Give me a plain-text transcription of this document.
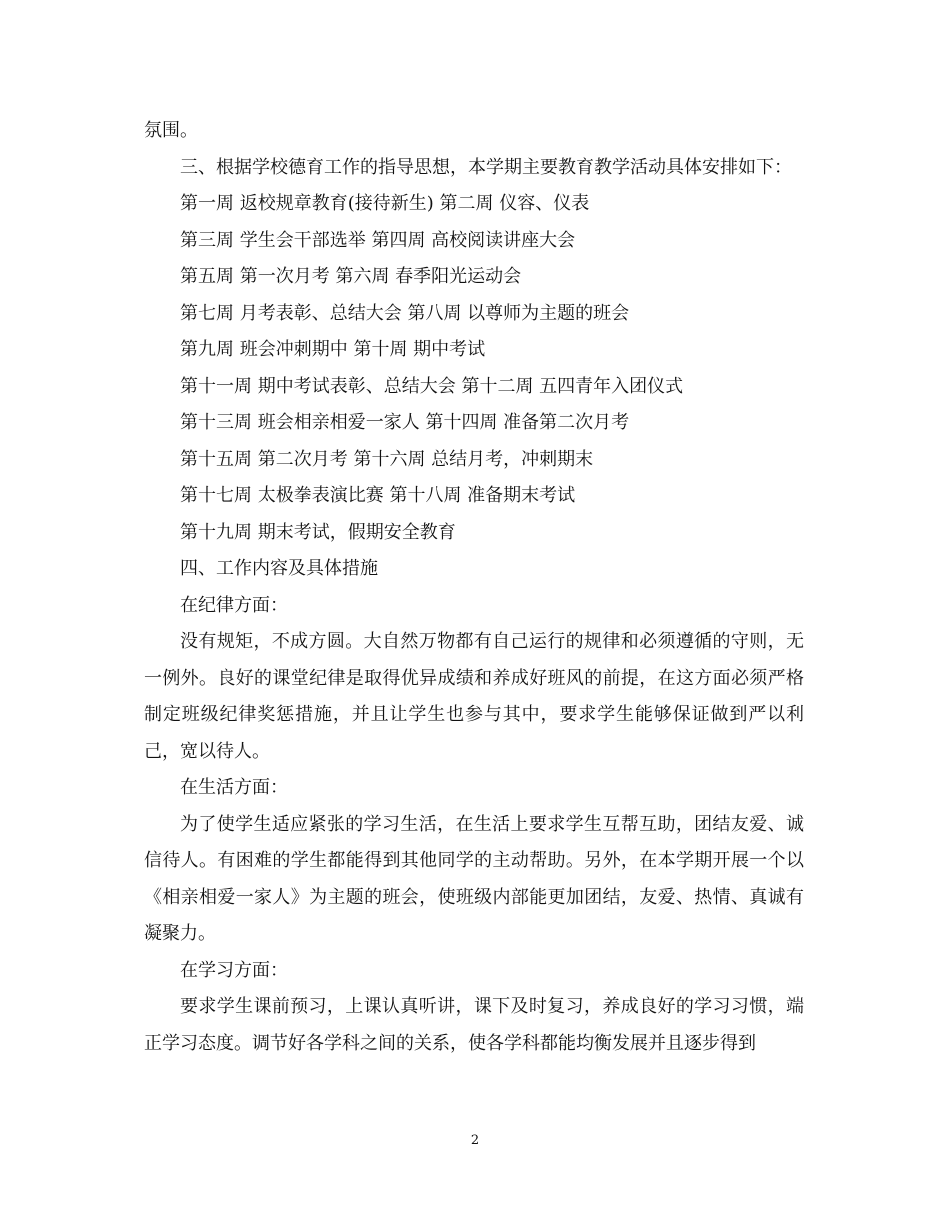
氛围。

三、根据学校德育工作的指导思想，本学期主要教育教学活动具体安排如下：

第一周 返校规章教育(接待新生) 第二周 仪容、仪表

第三周 学生会干部选举 第四周 高校阅读讲座大会

第五周 第一次月考 第六周 春季阳光运动会

第七周 月考表彰、总结大会 第八周 以尊师为主题的班会

第九周 班会冲刺期中 第十周 期中考试

第十一周 期中考试表彰、总结大会 第十二周 五四青年入团仪式

第十三周 班会相亲相爱一家人 第十四周 准备第二次月考

第十五周 第二次月考 第十六周 总结月考，冲刺期末

第十七周 太极拳表演比赛 第十八周 准备期末考试

第十九周 期末考试，假期安全教育

四、工作内容及具体措施

在纪律方面：

没有规矩，不成方圆。大自然万物都有自己运行的规律和必须遵循的守则，无一例外。良好的课堂纪律是取得优异成绩和养成好班风的前提，在这方面必须严格制定班级纪律奖惩措施，并且让学生也参与其中，要求学生能够保证做到严以利己，宽以待人。

在生活方面：

为了使学生适应紧张的学习生活，在生活上要求学生互帮互助，团结友爱、诚信待人。有困难的学生都能得到其他同学的主动帮助。另外，在本学期开展一个以《相亲相爱一家人》为主题的班会，使班级内部能更加团结，友爱、热情、真诚有凝聚力。

在学习方面：

要求学生课前预习，上课认真听讲，课下及时复习，养成良好的学习习惯，端正学习态度。调节好各学科之间的关系，使各学科都能均衡发展并且逐步得到

2
